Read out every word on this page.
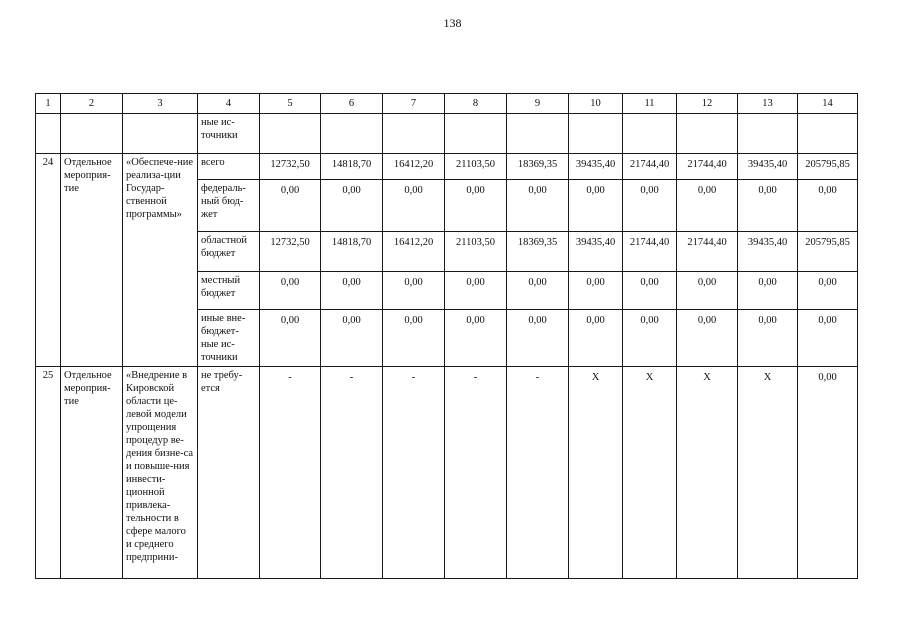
138
1	2	3	4	5	6	7	8	9	10	11	12	13	14
			ные ис-точники										
24	Отдельное мероприя-тие	«Обеспече-ние реализа-ции Государ-ственной программы»	всего	12732,50	14818,70	16412,20	21103,50	18369,35	39435,40	21744,40	21744,40	39435,40	205795,85
			федераль-ный бюд-жет	0,00	0,00	0,00	0,00	0,00	0,00	0,00	0,00	0,00	0,00
			областной бюджет	12732,50	14818,70	16412,20	21103,50	18369,35	39435,40	21744,40	21744,40	39435,40	205795,85
			местный бюджет	0,00	0,00	0,00	0,00	0,00	0,00	0,00	0,00	0,00	0,00
			иные вне-бюджет-ные ис-точники	0,00	0,00	0,00	0,00	0,00	0,00	0,00	0,00	0,00	0,00
25	Отдельное мероприя-тие	«Внедрение в Кировской области це-левой модели упрощения процедур ве-дения бизне-са и повыше-ния инвести-ционной привлека-тельности в сфере малого и среднего предприни-	не требу-ется	-	-	-	-	-	X	X	X	X	0,00
